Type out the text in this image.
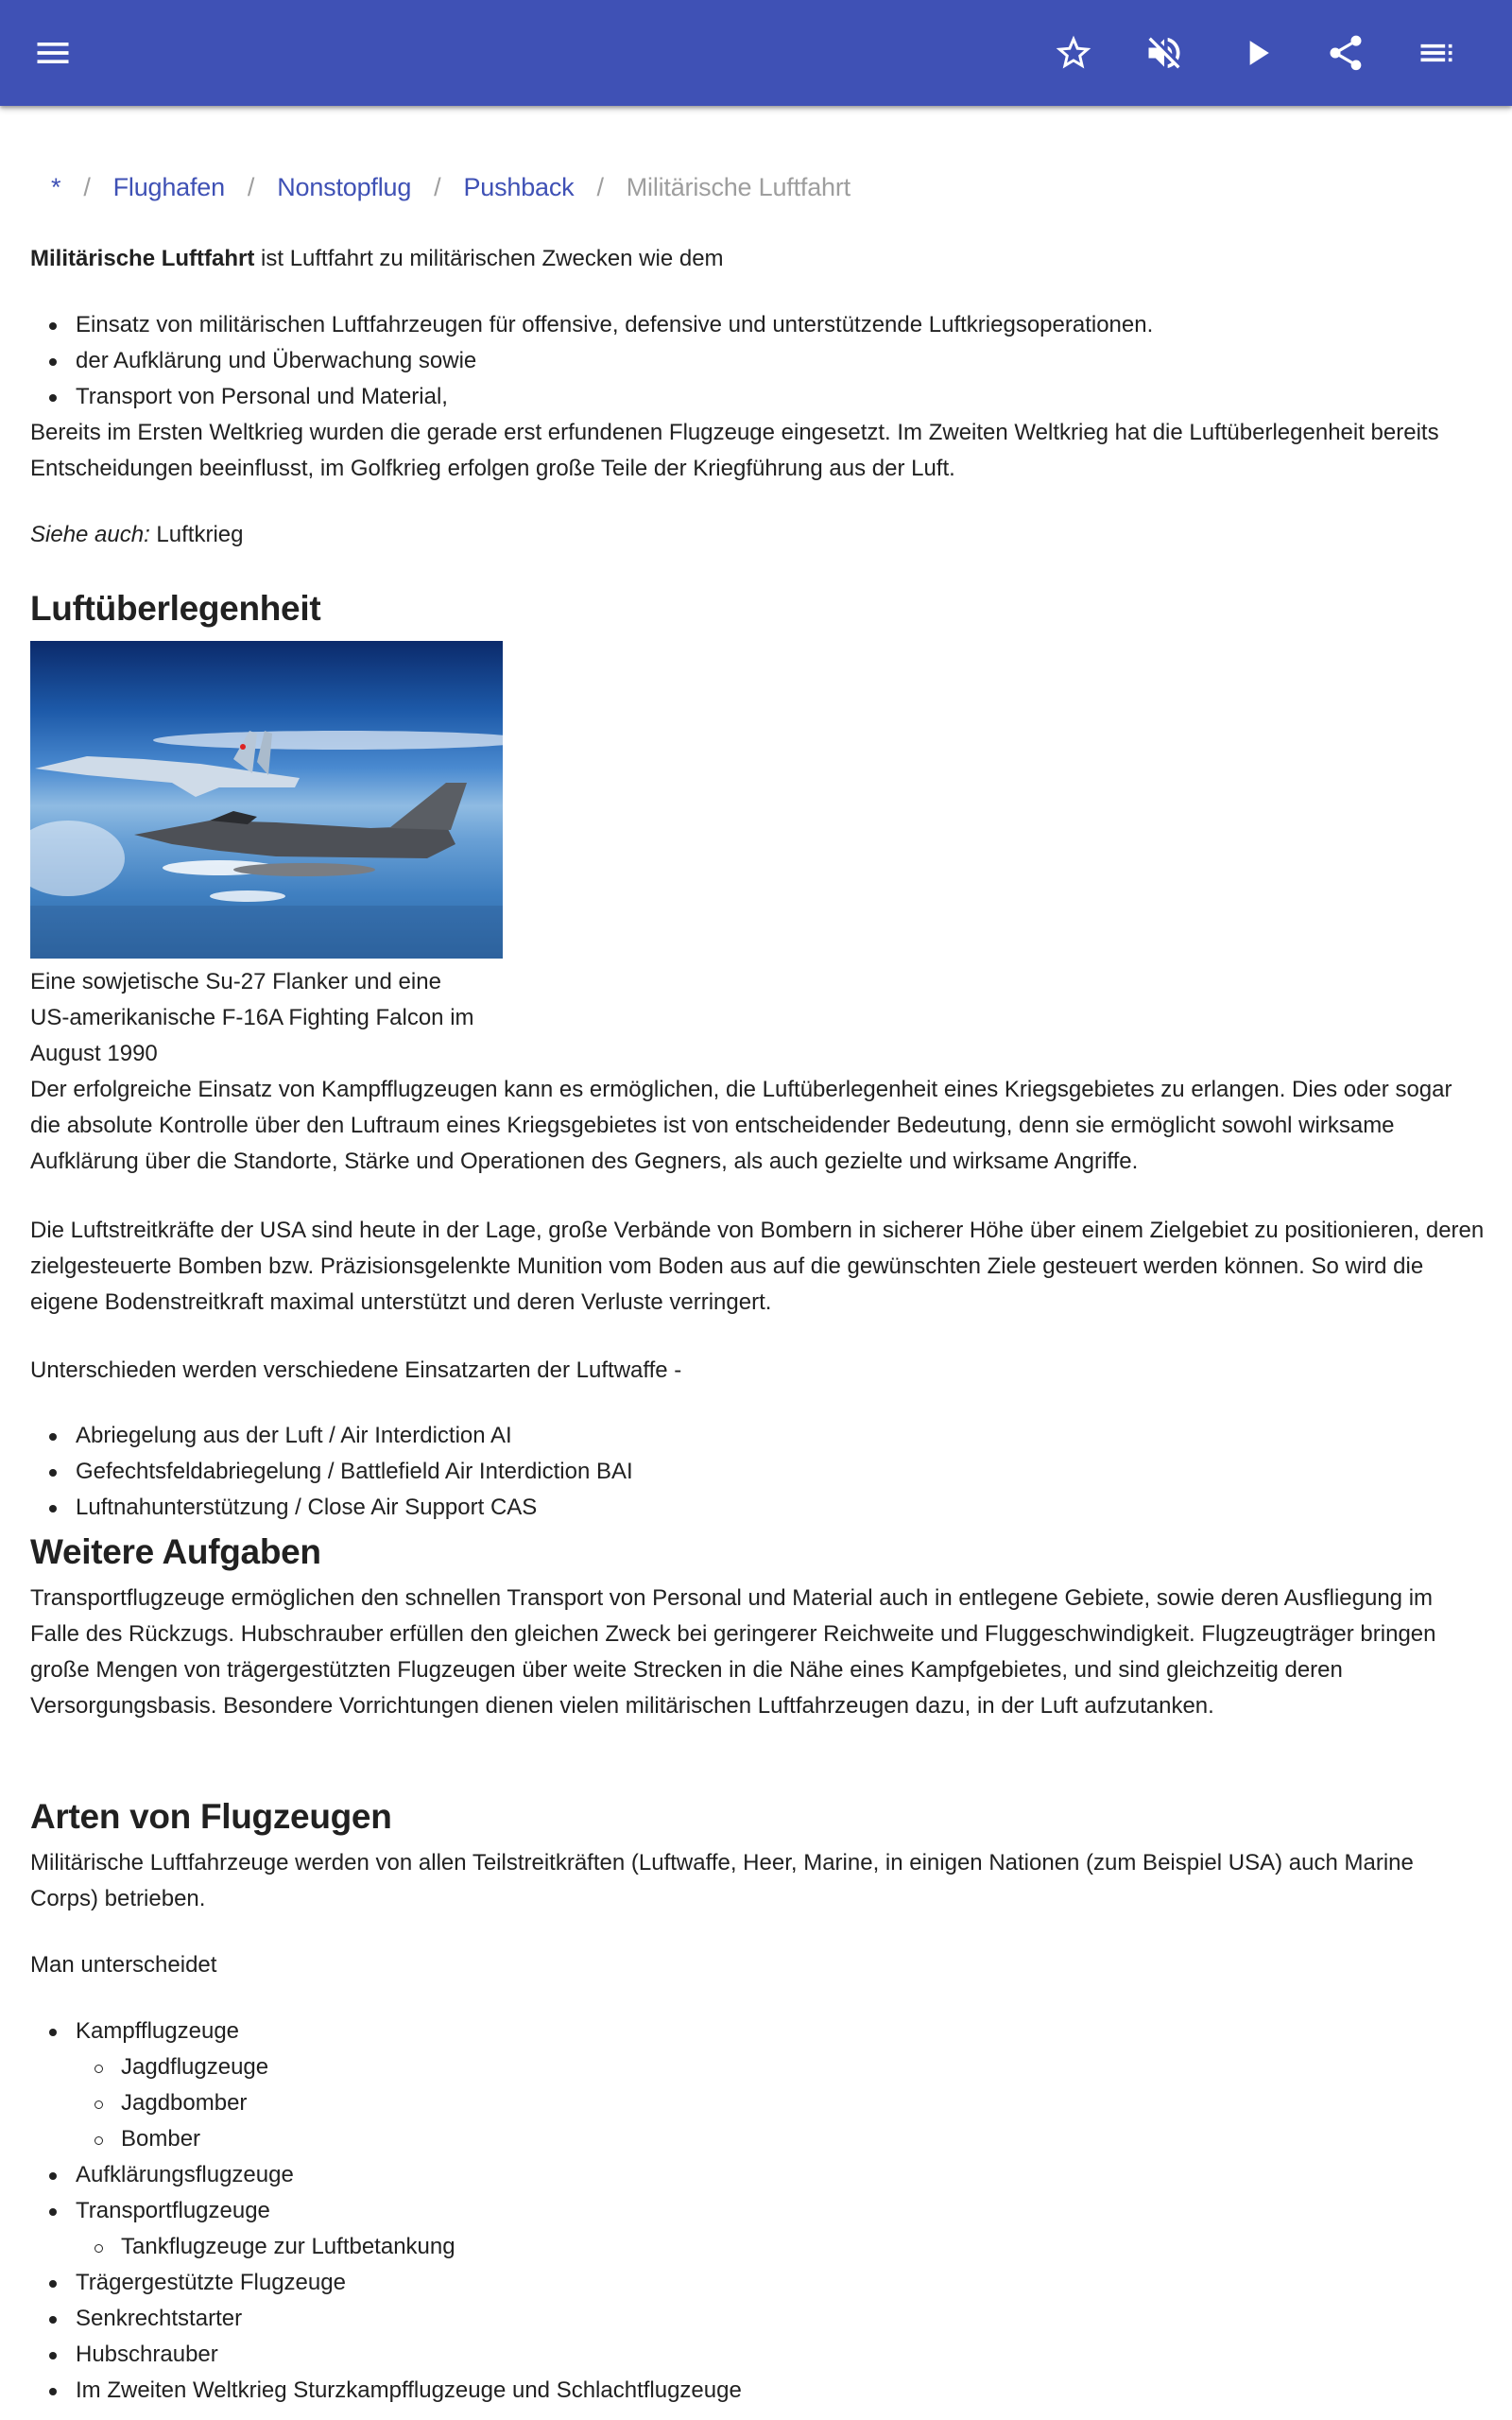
* / Flughafen / Nonstopflug / Pushback / Militärische Luftfahrt

Militärische Luftfahrt ist Luftfahrt zu militärischen Zwecken wie dem

Einsatz von militärischen Luftfahrzeugen für offensive, defensive und unterstützende Luftkriegsoperationen.
der Aufklärung und Überwachung sowie
Transport von Personal und Material,

Bereits im Ersten Weltkrieg wurden die gerade erst erfundenen Flugzeuge eingesetzt. Im Zweiten Weltkrieg hat die Luftüberlegenheit bereits Entscheidungen beeinflusst, im Golfkrieg erfolgen große Teile der Kriegführung aus der Luft.

Siehe auch: Luftkrieg

Luftüberlegenheit

Eine sowjetische Su-27 Flanker und eine

US-amerikanische F-16A Fighting Falcon im

August 1990

Der erfolgreiche Einsatz von Kampfflugzeugen kann es ermöglichen, die Luftüberlegenheit eines Kriegsgebietes zu erlangen. Dies oder sogar die absolute Kontrolle über den Luftraum eines Kriegsgebietes ist von entscheidender Bedeutung, denn sie ermöglicht sowohl wirksame Aufklärung über die Standorte, Stärke und Operationen des Gegners, als auch gezielte und wirksame Angriffe.

Die Luftstreitkräfte der USA sind heute in der Lage, große Verbände von Bombern in sicherer Höhe über einem Zielgebiet zu positionieren, deren zielgesteuerte Bomben bzw. Präzisionsgelenkte Munition vom Boden aus auf die gewünschten Ziele gesteuert werden können. So wird die eigene Bodenstreitkraft maximal unterstützt und deren Verluste verringert.

Unterschieden werden verschiedene Einsatzarten der Luftwaffe -

Abriegelung aus der Luft / Air Interdiction AI
Gefechtsfeldabriegelung / Battlefield Air Interdiction BAI
Luftnahunterstützung / Close Air Support CAS
Weitere Aufgaben

Transportflugzeuge ermöglichen den schnellen Transport von Personal und Material auch in entlegene Gebiete, sowie deren Ausfliegung im Falle des Rückzugs. Hubschrauber erfüllen den gleichen Zweck bei geringerer Reichweite und Fluggeschwindigkeit. Flugzeugträger bringen große Mengen von trägergestützten Flugzeugen über weite Strecken in die Nähe eines Kampfgebietes, und sind gleichzeitig deren Versorgungsbasis. Besondere Vorrichtungen dienen vielen militärischen Luftfahrzeugen dazu, in der Luft aufzutanken.

Arten von Flugzeugen

Militärische Luftfahrzeuge werden von allen Teilstreitkräften (Luftwaffe, Heer, Marine, in einigen Nationen (zum Beispiel USA) auch Marine Corps) betrieben.

Man unterscheidet

Kampfflugzeuge
Jagdflugzeuge
Jagdbomber
Bomber
Aufklärungsflugzeuge
Transportflugzeuge
Tankflugzeuge zur Luftbetankung
Trägergestützte Flugzeuge
Senkrechtstarter
Hubschrauber
Im Zweiten Weltkrieg Sturzkampfflugzeuge und Schlachtflugzeuge
